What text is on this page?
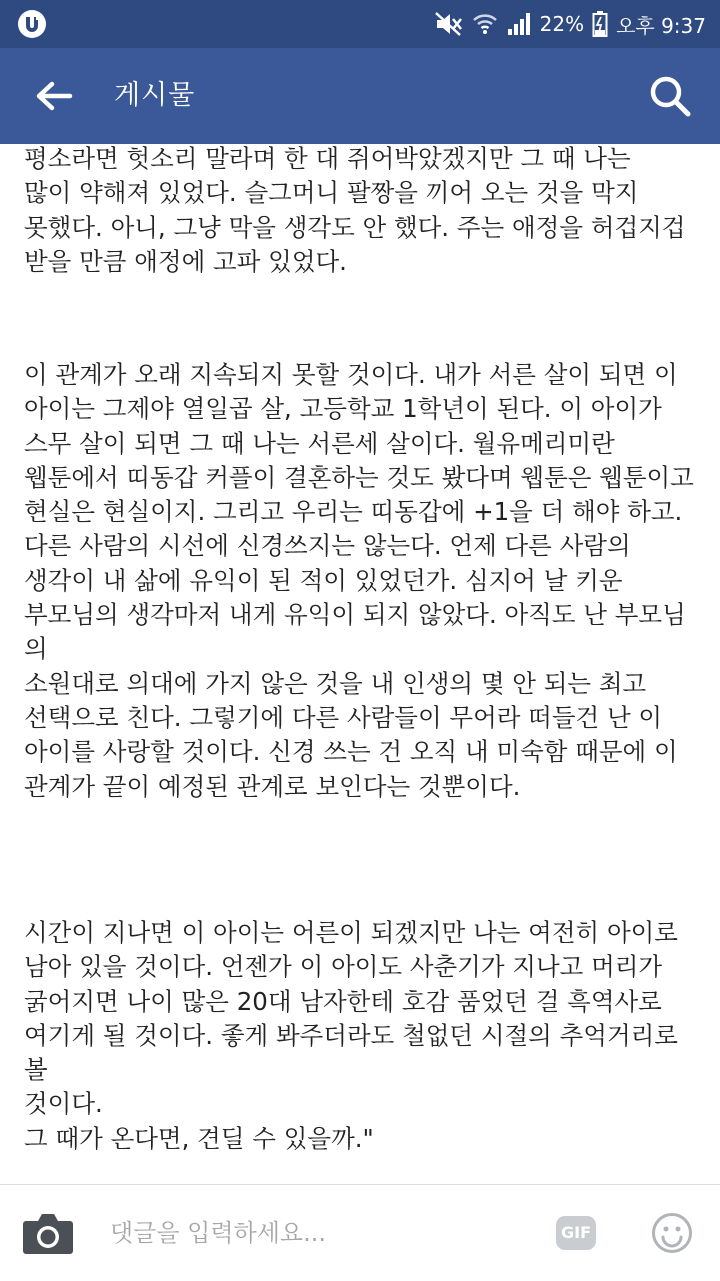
22% 오후 9:37
게시물

평소라면 헛소리 말라며 한 대 쥐어박았겠지만 그 때 나는
많이 약해져 있었다. 슬그머니 팔짱을 끼어 오는 것을 막지
못했다. 아니, 그냥 막을 생각도 안 했다. 주는 애정을 허겁지겁
받을 만큼 애정에 고파 있었다.

이 관계가 오래 지속되지 못할 것이다. 내가 서른 살이 되면 이
아이는 그제야 열일곱 살, 고등학교 1학년이 된다. 이 아이가
스무 살이 되면 그 때 나는 서른세 살이다. 월유메리미란
웹툰에서 띠동갑 커플이 결혼하는 것도 봤다며 웹툰은 웹툰이고
현실은 현실이지. 그리고 우리는 띠동갑에 +1을 더 해야 하고.
다른 사람의 시선에 신경쓰지는 않는다. 언제 다른 사람의
생각이 내 삶에 유익이 된 적이 있었던가. 심지어 날 키운
부모님의 생각마저 내게 유익이 되지 않았다. 아직도 난 부모님의
소원대로 의대에 가지 않은 것을 내 인생의 몇 안 되는 최고
선택으로 친다. 그렇기에 다른 사람들이 무어라 떠들건 난 이
아이를 사랑할 것이다. 신경 쓰는 건 오직 내 미숙함 때문에 이
관계가 끝이 예정된 관계로 보인다는 것뿐이다.

시간이 지나면 이 아이는 어른이 되겠지만 나는 여전히 아이로
남아 있을 것이다. 언젠가 이 아이도 사춘기가 지나고 머리가
굵어지면 나이 많은 20대 남자한테 호감 품었던 걸 흑역사로
여기게 될 것이다. 좋게 봐주더라도 철없던 시절의 추억거리로 볼
것이다.
그 때가 온다면, 견딜 수 있을까."

댓글을 입력하세요...
GIF
